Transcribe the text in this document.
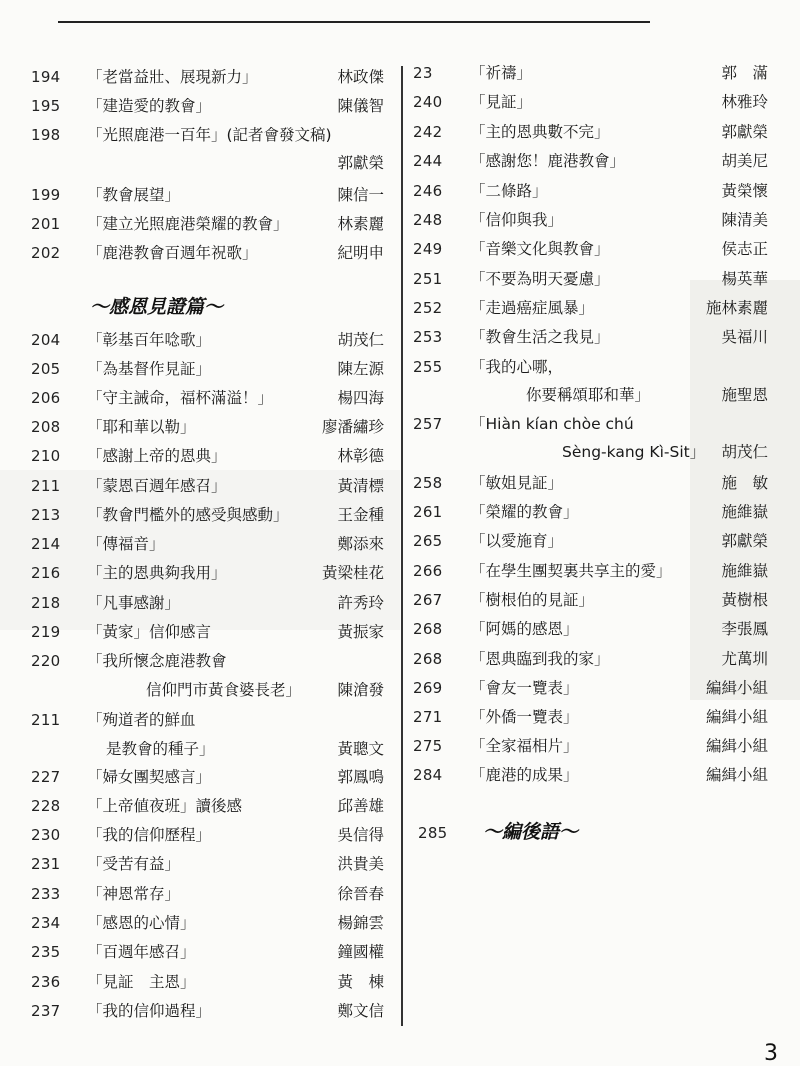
194 「老當益壯、展現新力」	林政傑
195 「建造愛的教會」	陳儀智
198 「光照鹿港一百年」(記者會發文稿)
郭獻榮
199 「教會展望」	陳信一
201 「建立光照鹿港榮耀的教會」	林素麗
202 「鹿港教會百週年祝歌」	紀明申
～感恩見證篇～
204 「彰基百年唸歌」	胡茂仁
205 「為基督作見証」	陳左源
206 「守主誡命，福杯滿溢！」	楊四海
208 「耶和華以勒」	廖潘繡珍
210 「感謝上帝的恩典」	林彰德
211 「蒙恩百週年感召」	黃清標
213 「教會門檻外的感受與感動」	王金種
214 「傳福音」	鄭添來
216 「主的恩典夠我用」	黃梁桂花
218 「凡事感謝」	許秀玲
219 「黃家」信仰感言	黃振家
220 「我所懷念鹿港教會
信仰門市黃食婆長老」 陳滄發
211 「殉道者的鮮血
是教會的種子」	黃聰文
227 「婦女團契感言」	郭鳳鳴
228 「上帝値夜班」讀後感	邱善雄
230 「我的信仰歷程」	吳信得
231 「受苦有益」	洪貴美
233 「神恩常存」	徐晉春
234 「感恩的心情」	楊錦雲
235 「百週年感召」	鐘國權
236 「見証　主恩」	黃　棟
237 「我的信仰過程」	鄭文信
23 「祈禱」	郭　滿
240 「見証」	林雅玲
242 「主的恩典數不完」	郭獻榮
244 「感謝您！鹿港教會」	胡美尼
246 「二條路」	黃榮懷
248 「信仰與我」	陳清美
249 「音樂文化與教會」	侯志正
251 「不要為明天憂慮」	楊英華
252 「走過癌症風暴」	施林素麗
253 「教會生活之我見」	吳福川
255 「我的心哪，
你要稱頌耶和華」	施聖恩
257 「Hiàn kían chòe chú
Sèng-kang Kì-Sit」 胡茂仁
258 「敏姐見証」	施　敏
261 「榮耀的教會」	施維嶽
265 「以愛施育」	郭獻榮
266 「在學生團契裏共享主的愛」	施維嶽
267 「樹根伯的見証」	黃樹根
268 「阿媽的感恩」	李張鳳
268 「恩典臨到我的家」	尤萬圳
269 「會友一覽表」	編緝小組
271 「外僑一覽表」	編緝小組
275 「全家福相片」	編緝小組
284 「鹿港的成果」	編緝小組
285 ～編後語～
3
